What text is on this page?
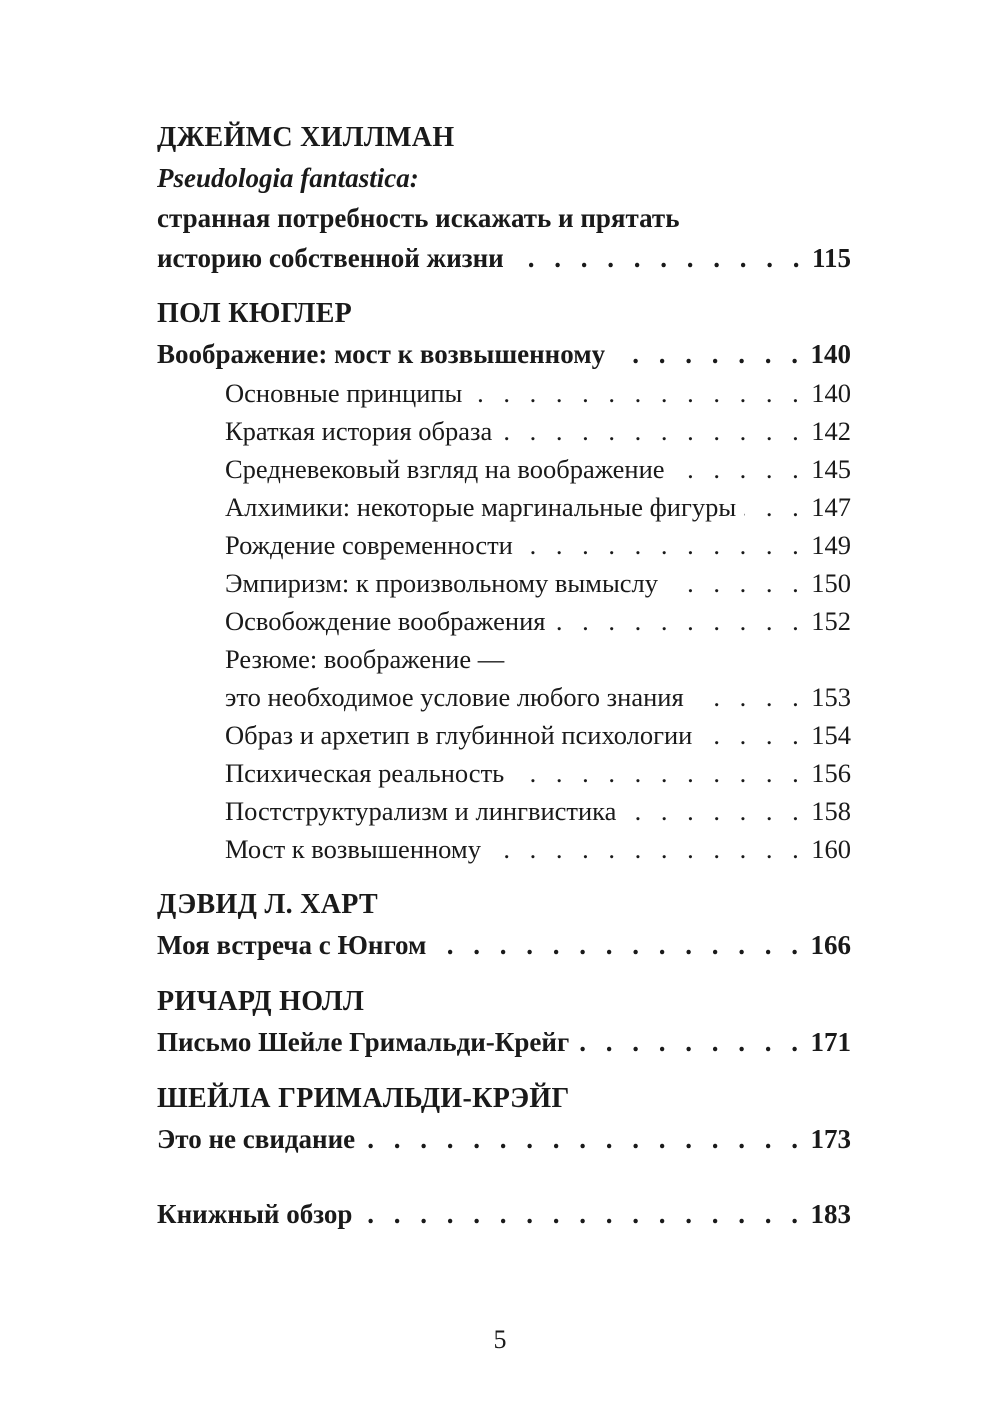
ДЖЕЙМС ХИЛЛМАН
Pseudologia fantastica:
странная потребность искажать и прятать
историю собственной жизни . . .	115
ПОЛ КЮГЛЕР
Воображение: мост к возвышенному . . .	140
Основные принципы . . .	140
Краткая история образа . . .	142
Средневековый взгляд на воображение . . .	145
Алхимики: некоторые маргинальные фигуры . . .	147
Рождение современности . . .	149
Эмпиризм: к произвольному вымыслу . . .	150
Освобождение воображения . . .	152
Резюме: воображение —
это необходимое условие любого знания . . .	153
Образ и архетип в глубинной психологии . . .	154
Психическая реальность . . .	156
Постструктурализм и лингвистика . . .	158
Мост к возвышенному . . .	160
ДЭВИД Л. ХАРТ
Моя встреча с Юнгом . . .	166
РИЧАРД НОЛЛ
Письмо Шейле Гримальди-Крейг . . .	171
ШЕЙЛА ГРИМАЛЬДИ-КРЭЙГ
Это не свидание . . .	173
Книжный обзор . . .	183
5
